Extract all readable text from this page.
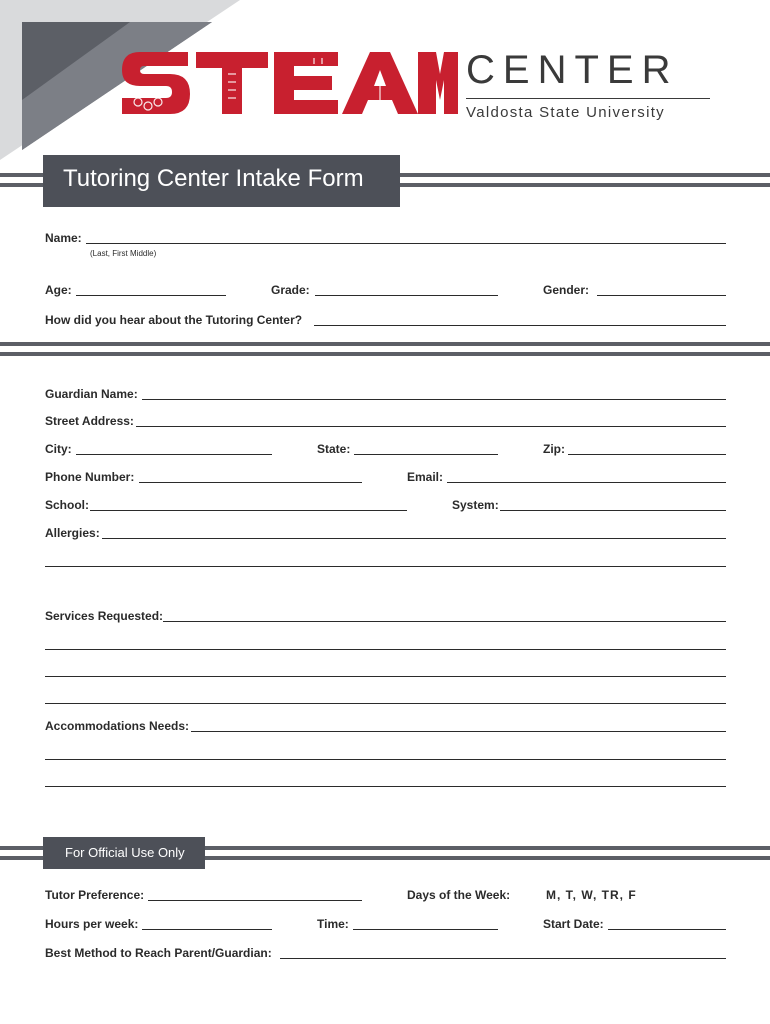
CENTER
Valdosta State University
Tutoring Center Intake Form
Name:
(Last, First Middle)
Age:	Grade:	Gender:
How did you hear about the Tutoring Center?
Guardian Name:
Street Address:
City:	State:	Zip:
Phone Number:	Email:
School:	System:
Allergies:
Services Requested:
Accommodations Needs:
For Official Use Only
Tutor Preference:	Days of the Week:	M, T, W, TR, F
Hours per week:	Time:	Start Date:
Best Method to Reach Parent/Guardian:
